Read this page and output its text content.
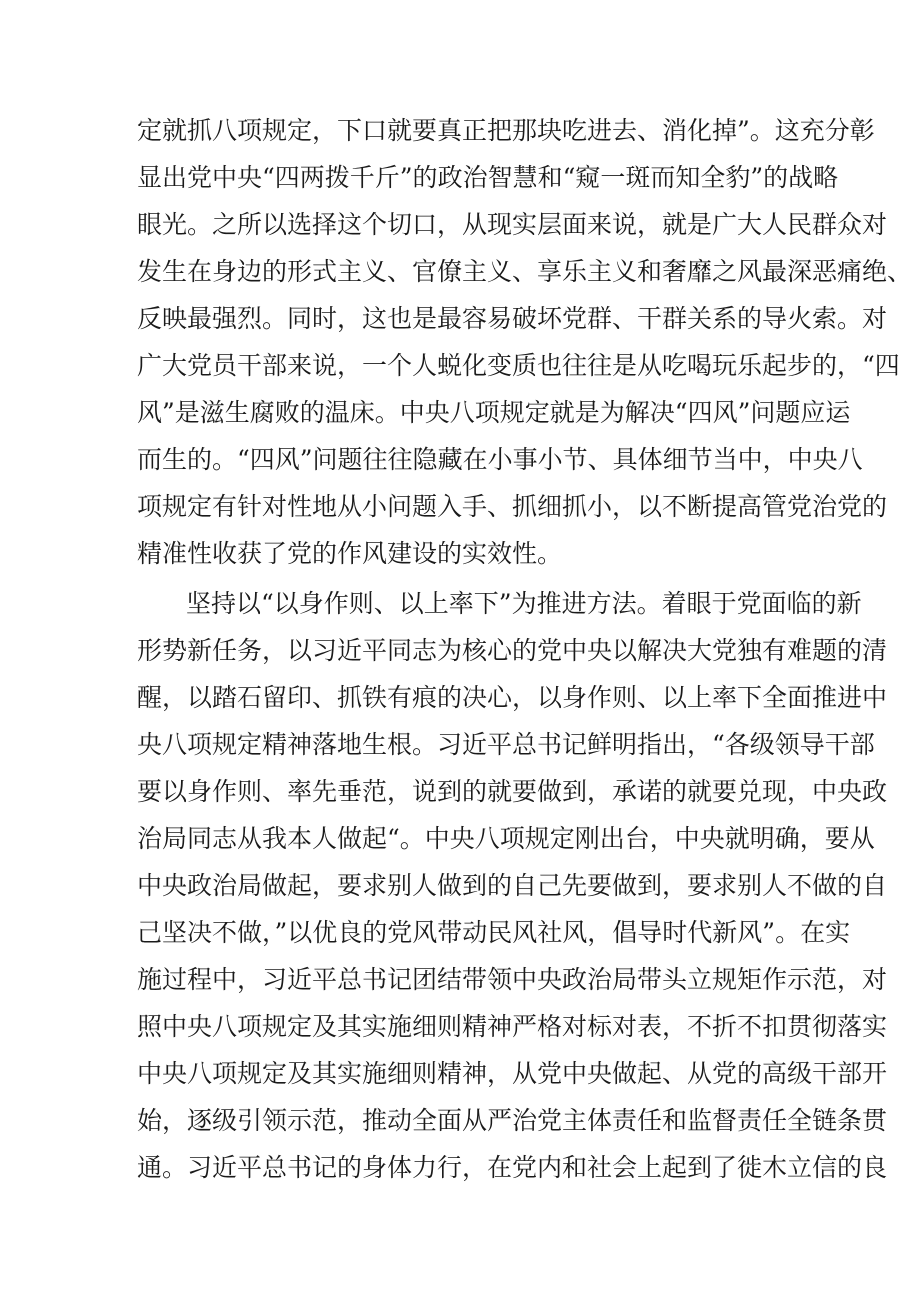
定就抓八项规定，下口就要真正把那块吃进去、消化掉”。这充分彰
显出党中央“四两拨千斤”的政治智慧和“窥一斑而知全豹”的战略
眼光。之所以选择这个切口，从现实层面来说，就是广大人民群众对
发生在身边的形式主义、官僚主义、享乐主义和奢靡之风最深恶痛绝、
反映最强烈。同时，这也是最容易破坏党群、干群关系的导火索。对
广大党员干部来说，一个人蜕化变质也往往是从吃喝玩乐起步的，“四
风”是滋生腐败的温床。中央八项规定就是为解决“四风”问题应运
而生的。“四风”问题往往隐藏在小事小节、具体细节当中，中央八
项规定有针对性地从小问题入手、抓细抓小，以不断提高管党治党的
精准性收获了党的作风建设的实效性。
坚持以“以身作则、以上率下”为推进方法。着眼于党面临的新
形势新任务，以习近平同志为核心的党中央以解决大党独有难题的清
醒，以踏石留印、抓铁有痕的决心，以身作则、以上率下全面推进中
央八项规定精神落地生根。习近平总书记鲜明指出，“各级领导干部
要以身作则、率先垂范，说到的就要做到，承诺的就要兑现，中央政
治局同志从我本人做起“。中央八项规定刚出台，中央就明确，要从
中央政治局做起，要求别人做到的自己先要做到，要求别人不做的自
己坚决不做，”以优良的党风带动民风社风，倡导时代新风”。在实
施过程中，习近平总书记团结带领中央政治局带头立规矩作示范，对
照中央八项规定及其实施细则精神严格对标对表，不折不扣贯彻落实
中央八项规定及其实施细则精神，从党中央做起、从党的高级干部开
始，逐级引领示范，推动全面从严治党主体责任和监督责任全链条贯
通。习近平总书记的身体力行，在党内和社会上起到了徙木立信的良
